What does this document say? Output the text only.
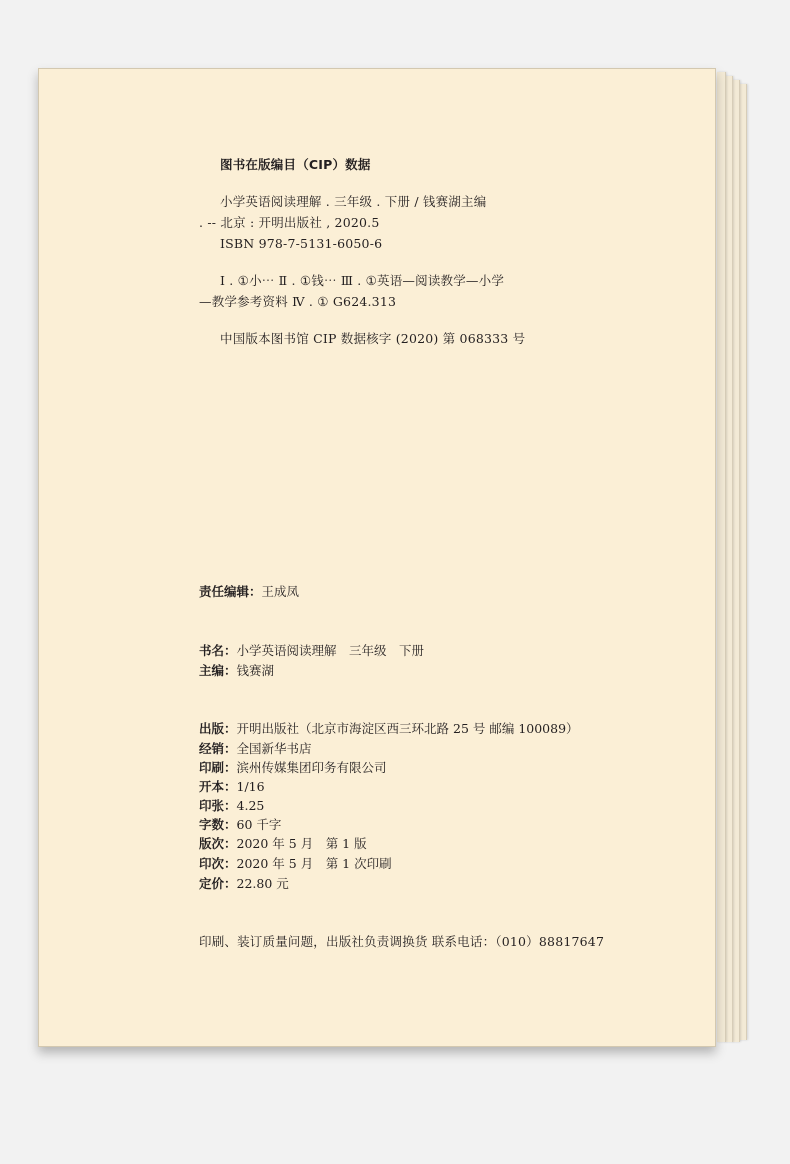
图书在版编目（CIP）数据
小学英语阅读理解 . 三年级 . 下册 / 钱赛湖主编
. -- 北京 : 开明出版社 , 2020.5
ISBN 978-7-5131-6050-6
Ⅰ . ①小⋯ Ⅱ . ①钱⋯ Ⅲ . ①英语—阅读教学—小学
—教学参考资料 Ⅳ . ① G624.313
中国版本图书馆 CIP 数据核字 (2020) 第 068333 号
责任编辑：王成凤
书名：小学英语阅读理解　三年级　下册
主编：钱赛湖
出版：开明出版社（北京市海淀区西三环北路 25 号 邮编 100089）
经销：全国新华书店
印刷：滨州传媒集团印务有限公司
开本：1/16
印张：4.25
字数：60 千字
版次：2020 年 5 月　第 1 版
印次：2020 年 5 月　第 1 次印刷
定价：22.80 元
印刷、装订质量问题，出版社负责调换货 联系电话：（010）88817647
